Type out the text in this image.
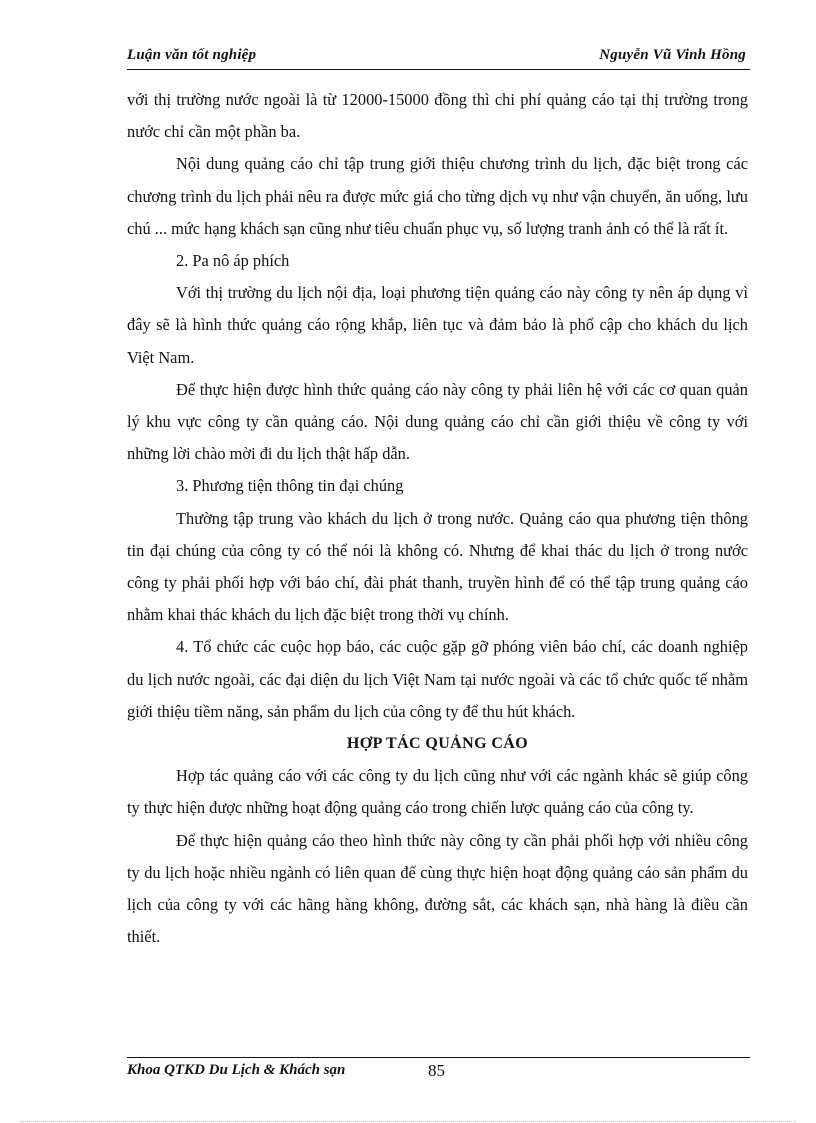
Luận văn tốt nghiệp	Nguyễn Vũ Vinh Hồng

với thị trường nước ngoài là từ 12000-15000 đồng thì chi phí quảng cáo tại thị trường trong nước chỉ cần một phần ba.

Nội dung quảng cáo chỉ tập trung giới thiệu chương trình du lịch, đặc biệt trong các chương trình du lịch phải nêu ra được mức giá cho từng dịch vụ như vận chuyển, ăn uống, lưu chú ... mức hạng khách sạn cũng như tiêu chuẩn phục vụ, số lượng tranh ảnh có thể là rất ít.

2. Pa nô áp phích

Với thị trường du lịch nội địa, loại phương tiện quảng cáo này công ty nên áp dụng vì đây sẽ là hình thức quảng cáo rộng khắp, liên tục và đảm bảo là phổ cập cho khách du lịch Việt Nam.

Để thực hiện được hình thức quảng cáo này công ty phải liên hệ với các cơ quan quản lý khu vực công ty cần quảng cáo. Nội dung quảng cáo chỉ cần giới thiệu về công ty với những lời chào mời đi du lịch thật hấp dẫn.

3. Phương tiện thông tin đại chúng

Thường tập trung vào khách du lịch ở trong nước. Quảng cáo qua phương tiện thông tin đại chúng của công ty có thể nói là không có. Nhưng để khai thác du lịch ở trong nước công ty phải phối hợp với báo chí, đài phát thanh, truyền hình để có thể tập trung quảng cáo nhằm khai thác khách du lịch đặc biệt trong thời vụ chính.

4. Tổ chức các cuộc họp báo, các cuộc gặp gỡ phóng viên báo chí, các doanh nghiệp du lịch nước ngoài, các đại diện du lịch Việt Nam tại nước ngoài và các tổ chức quốc tế nhằm giới thiệu tiềm năng, sản phẩm du lịch của công ty để thu hút khách.

HỢP TÁC QUẢNG CÁO

Hợp tác quảng cáo với các công ty du lịch cũng như với các ngành khác sẽ giúp công ty thực hiện được những hoạt động quảng cáo trong chiến lược quảng cáo của công ty.

Để thực hiện quảng cáo theo hình thức này công ty cần phải phối hợp với nhiều công ty du lịch hoặc nhiều ngành có liên quan để cùng thực hiện hoạt động quảng cáo sản phẩm du lịch của công ty với các hãng hàng không, đường sắt, các khách sạn, nhà hàng là điều cần thiết.

Khoa QTKD Du Lịch & Khách sạn	85
